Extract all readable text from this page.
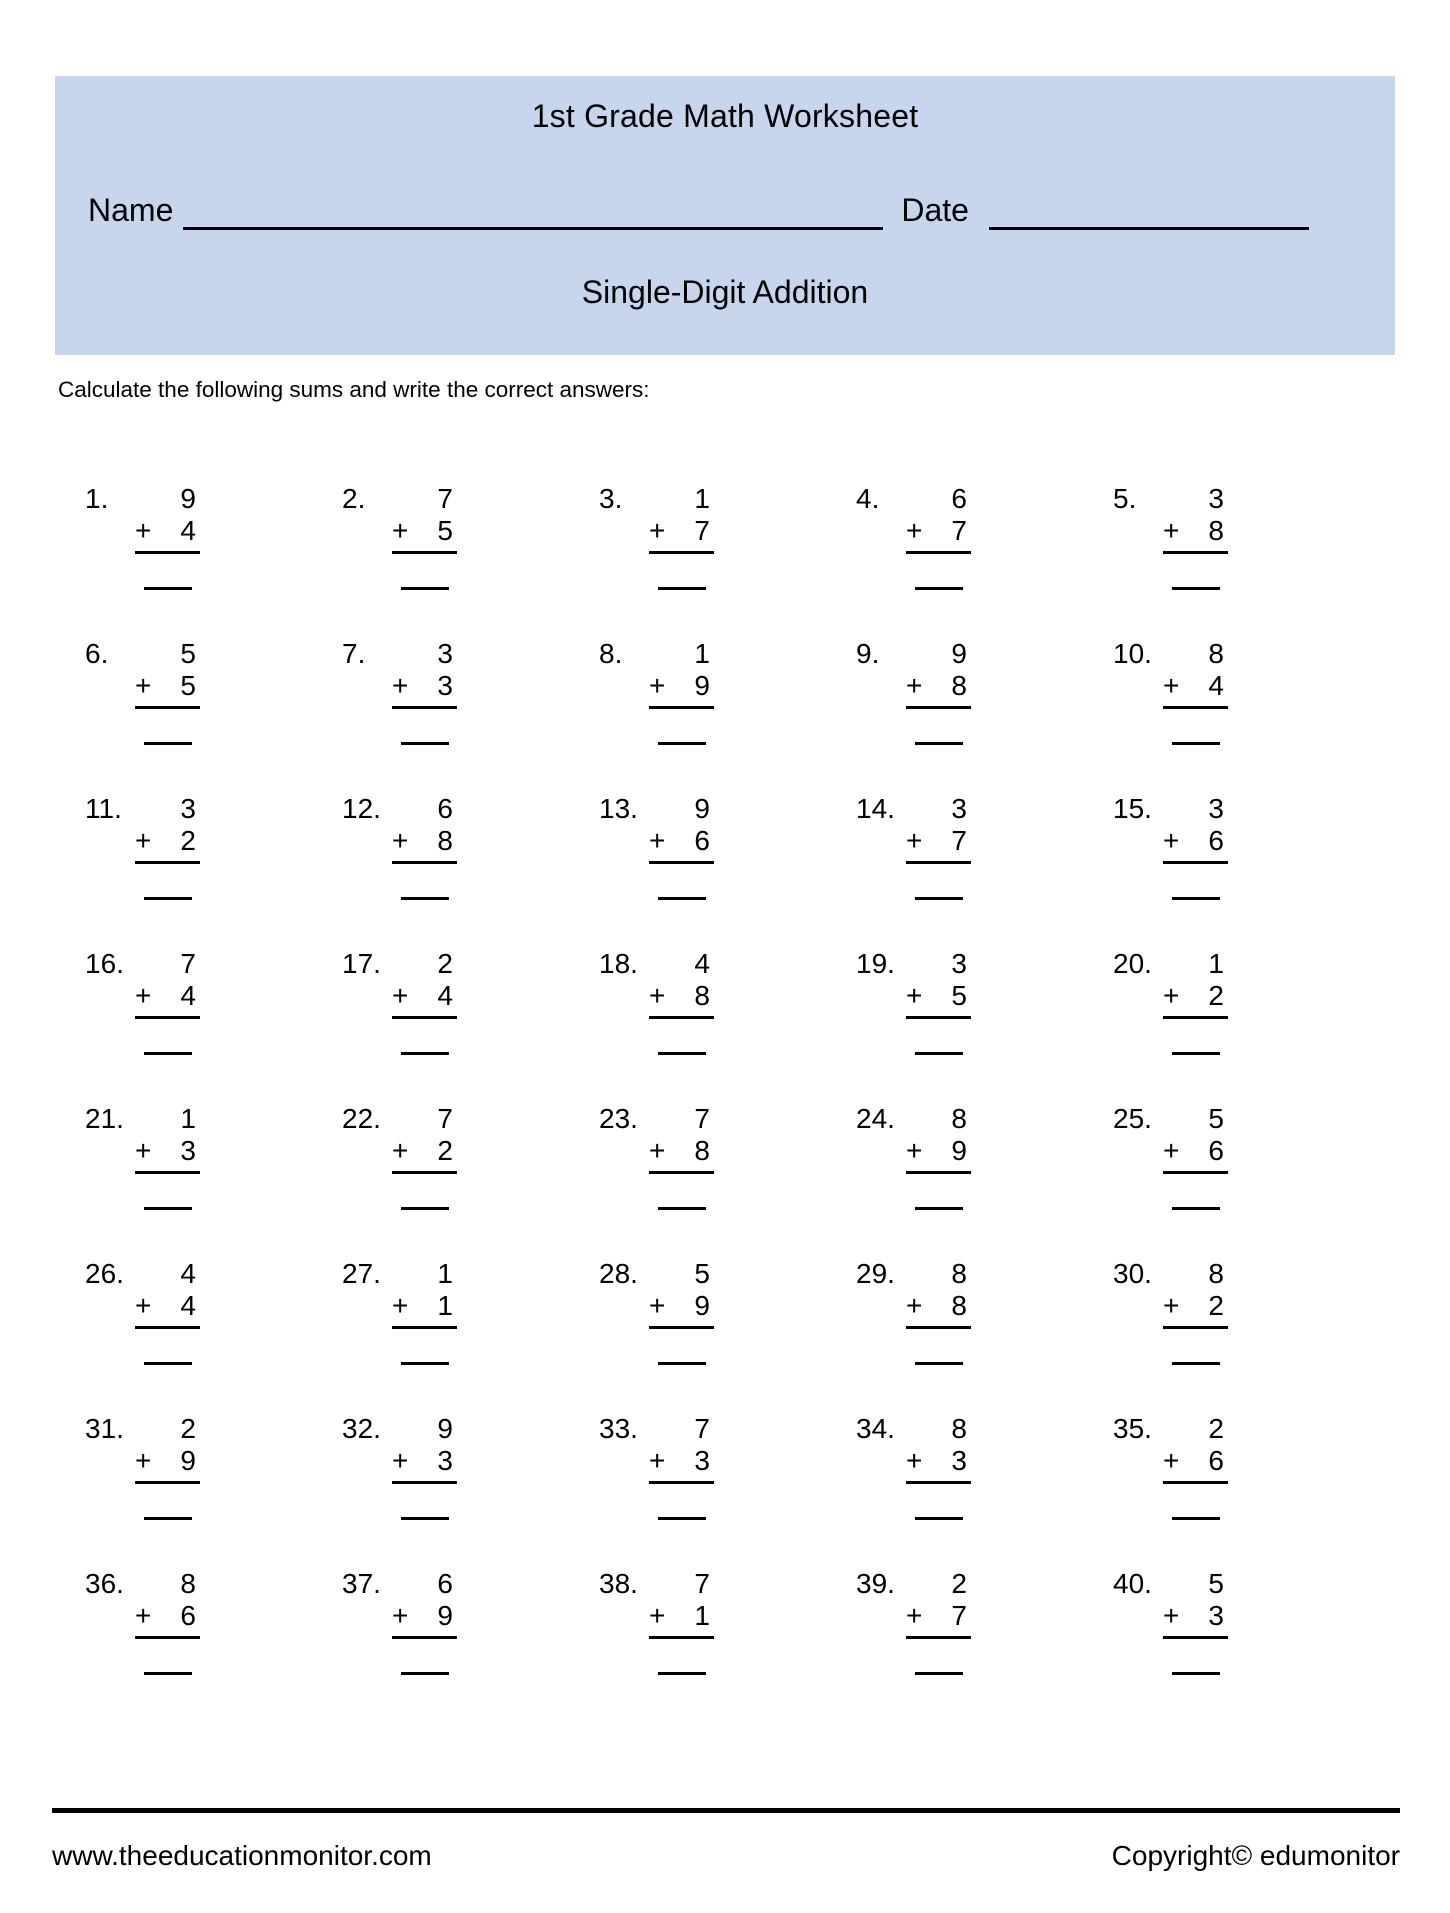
1st Grade Math Worksheet
Name	Date
Single-Digit Addition
Calculate the following sums and write the correct answers:
1.	9
+ 4
2.	7
+ 5
3.	1
+ 7
4.	6
+ 7
5.	3
+ 8
6.	5
+ 5
7.	3
+ 3
8.	1
+ 9
9.	9
+ 8
10.	8
+ 4
11.	3
+ 2
12.	6
+ 8
13.	9
+ 6
14.	3
+ 7
15.	3
+ 6
16.	7
+ 4
17.	2
+ 4
18.	4
+ 8
19.	3
+ 5
20.	1
+ 2
21.	1
+ 3
22.	7
+ 2
23.	7
+ 8
24.	8
+ 9
25.	5
+ 6
26.	4
+ 4
27.	1
+ 1
28.	5
+ 9
29.	8
+ 8
30.	8
+ 2
31.	2
+ 9
32.	9
+ 3
33.	7
+ 3
34.	8
+ 3
35.	2
+ 6
36.	8
+ 6
37.	6
+ 9
38.	7
+ 1
39.	2
+ 7
40.	5
+ 3
www.theeducationmonitor.com	Copyright© edumonitor
